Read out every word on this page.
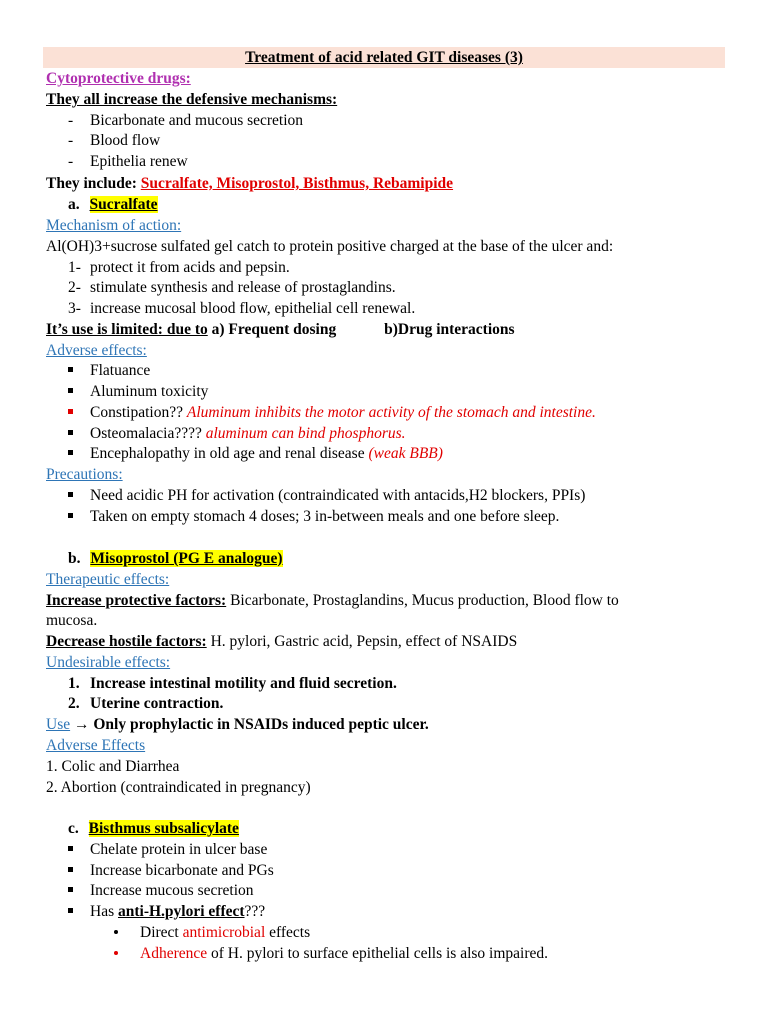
Treatment of acid related GIT diseases (3)
Cytoprotective drugs:
They all increase the defensive mechanisms:
- Bicarbonate and mucous secretion
- Blood flow
- Epithelia renew
They include: Sucralfate, Misoprostol, Bisthmus, Rebamipide
a. Sucralfate
Mechanism of action:
Al(OH)3+sucrose sulfated gel catch to protein positive charged at the base of the ulcer and:
1- protect it from acids and pepsin.
2- stimulate synthesis and release of prostaglandins.
3- increase mucosal blood flow, epithelial cell renewal.
It’s use is limited: due to a) Frequent dosing	b)Drug interactions
Adverse effects:
Flatuance
Aluminum toxicity
Constipation?? Aluminum inhibits the motor activity of the stomach and intestine.
Osteomalacia???? aluminum can bind phosphorus.
Encephalopathy in old age and renal disease (weak BBB)
Precautions:
Need acidic PH for activation (contraindicated with antacids,H2 blockers, PPIs)
Taken on empty stomach 4 doses; 3 in-between meals and one before sleep.
b. Misoprostol (PG E analogue)
Therapeutic effects:
Increase protective factors: Bicarbonate, Prostaglandins, Mucus production, Blood flow to
mucosa.
Decrease hostile factors: H. pylori, Gastric acid, Pepsin, effect of NSAIDS
Undesirable effects:
1. Increase intestinal motility and fluid secretion.
2. Uterine contraction.
Use → Only prophylactic in NSAIDs induced peptic ulcer.
Adverse Effects
1. Colic and Diarrhea
2. Abortion (contraindicated in pregnancy)
c. Bisthmus subsalicylate
Chelate protein in ulcer base
Increase bicarbonate and PGs
Increase mucous secretion
Has anti-H.pylori effect???
Direct antimicrobial effects
Adherence of H. pylori to surface epithelial cells is also impaired.
